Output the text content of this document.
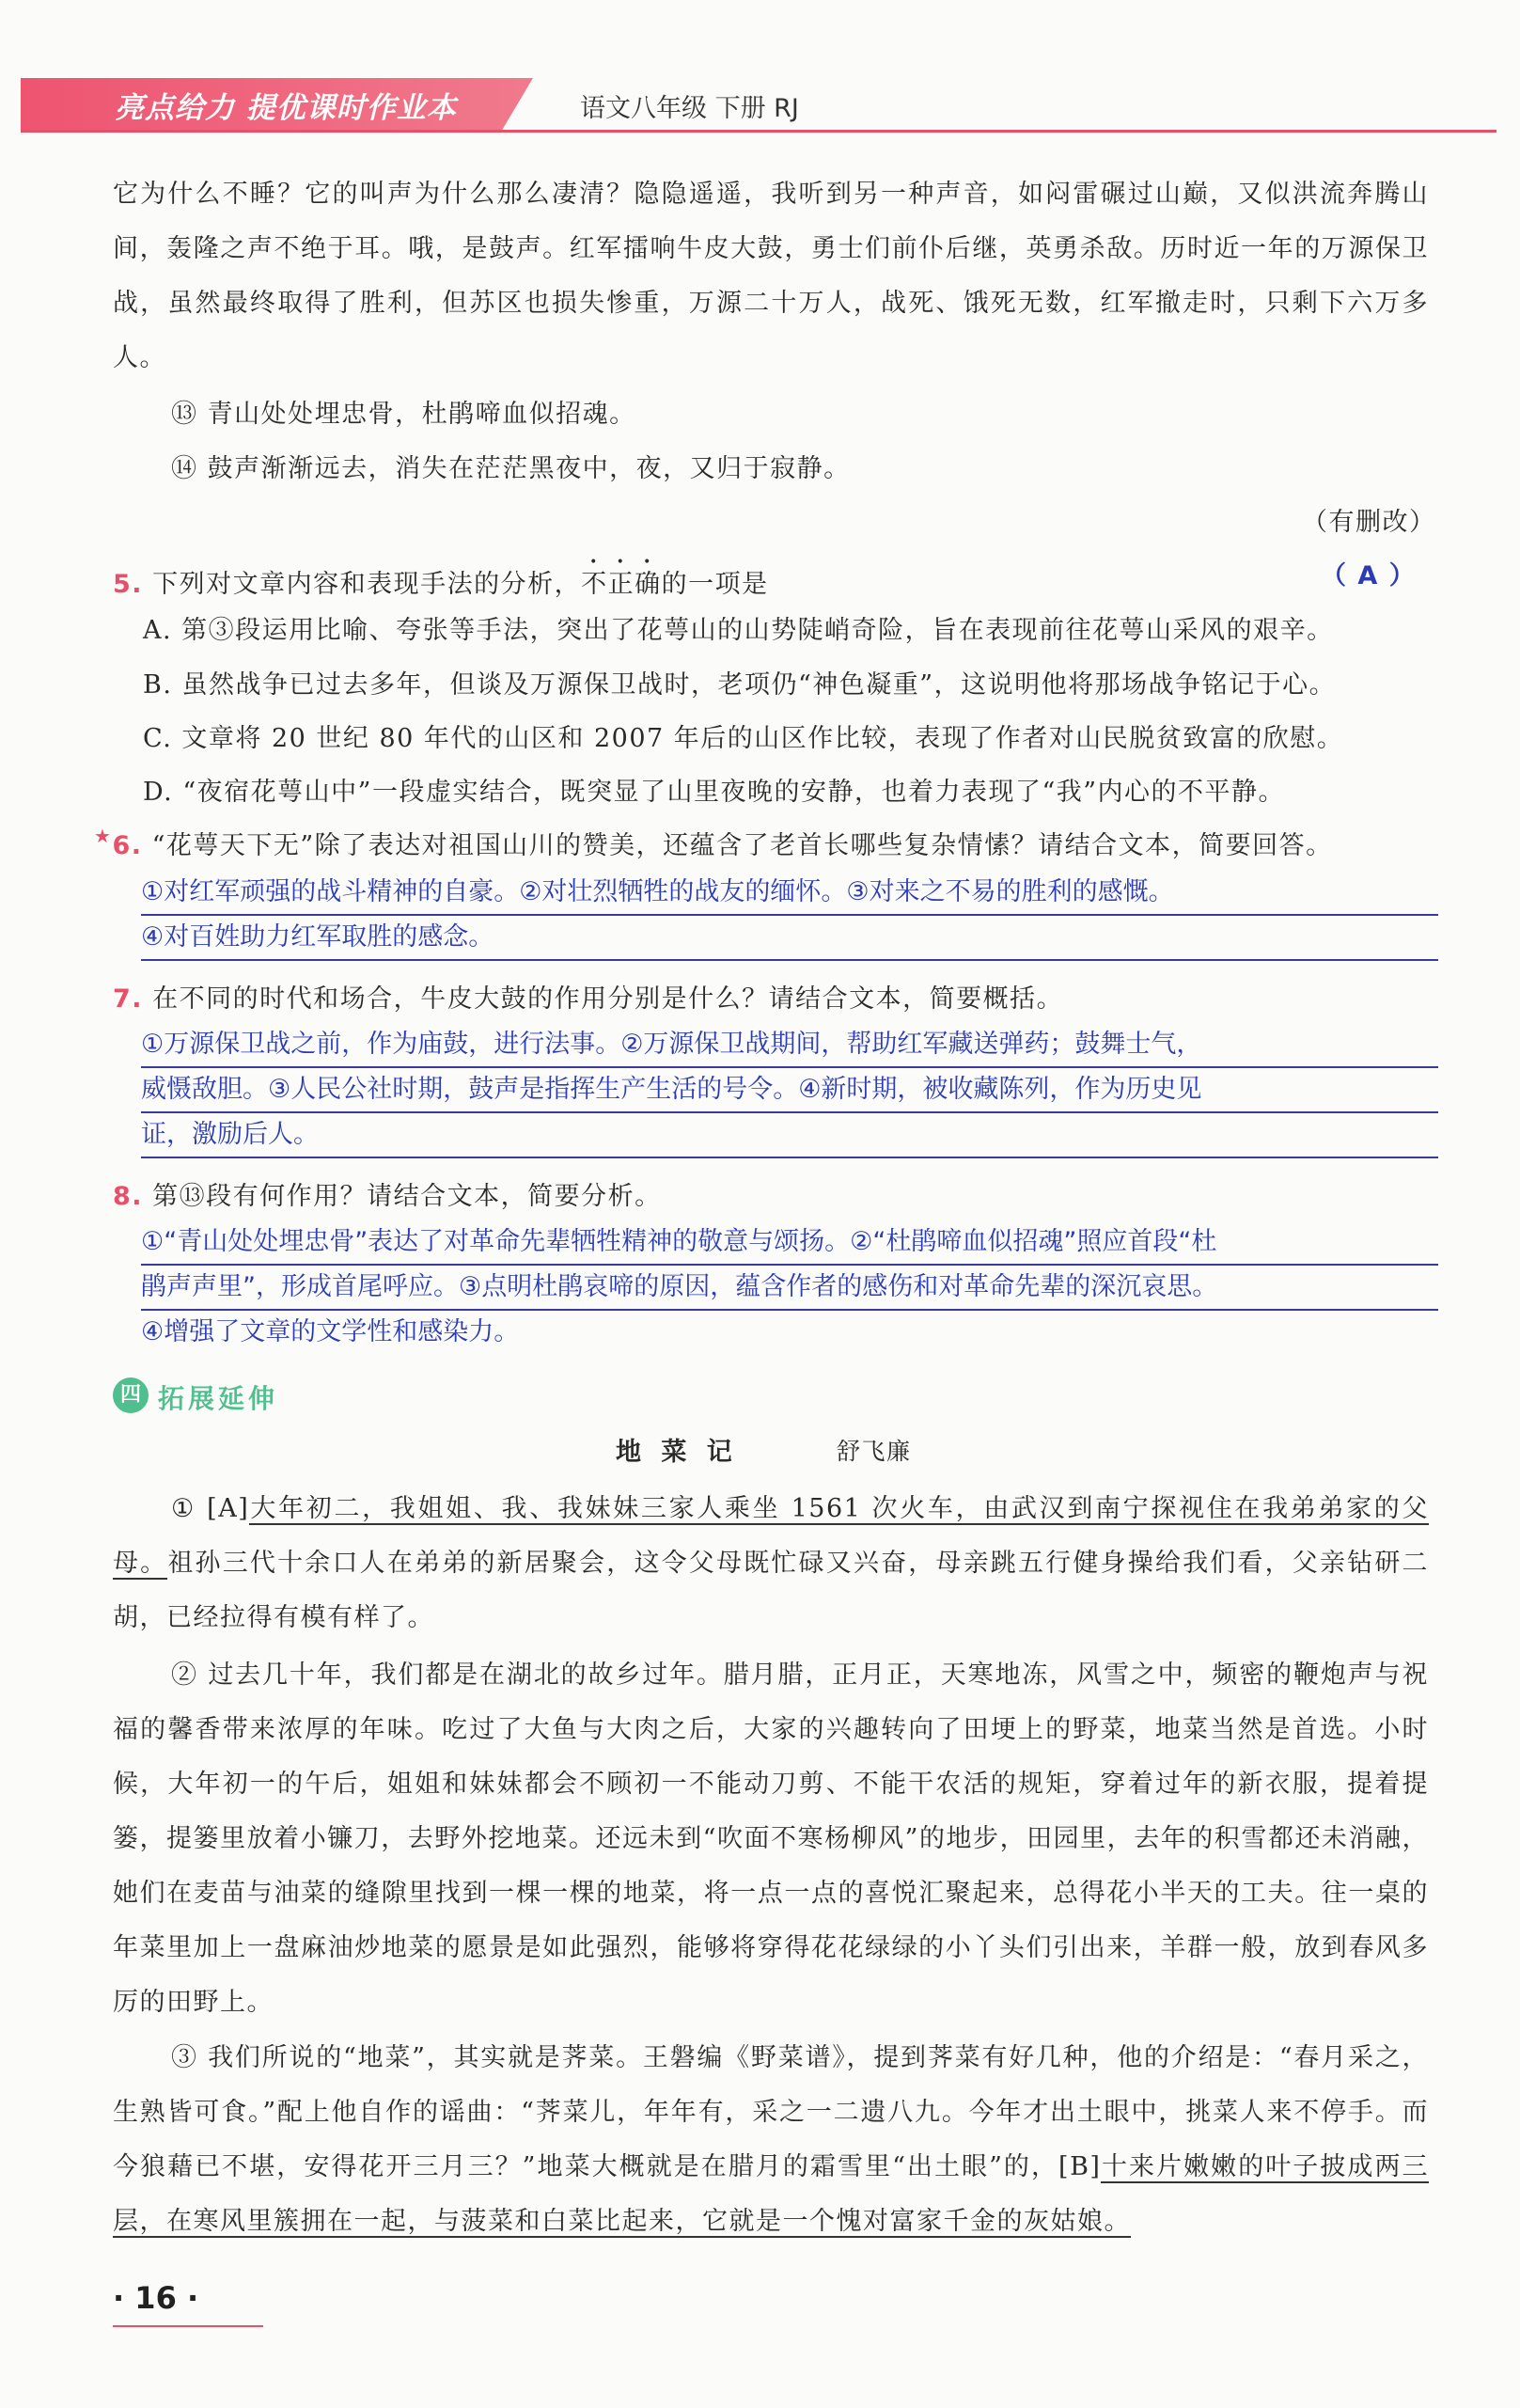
亮点给力 提优课时作业本	语文八年级 下册 RJ

它为什么不睡？它的叫声为什么那么凄清？隐隐遥遥，我听到另一种声音，如闷雷碾过山巅，又似洪流奔腾山间，轰隆之声不绝于耳。哦，是鼓声。红军擂响牛皮大鼓，勇士们前仆后继，英勇杀敌。历时近一年的万源保卫战，虽然最终取得了胜利，但苏区也损失惨重，万源二十万人，战死、饿死无数，红军撤走时，只剩下六万多人。

⑬ 青山处处埋忠骨，杜鹃啼血似招魂。
⑭ 鼓声渐渐远去，消失在茫茫黑夜中，夜，又归于寂静。
（有删改）
5. 下列对文章内容和表现手法的分析，不正确的一项是	（ A ）
A. 第③段运用比喻、夸张等手法，突出了花萼山的山势陡峭奇险，旨在表现前往花萼山采风的艰辛。
B. 虽然战争已过去多年，但谈及万源保卫战时，老项仍“神色凝重”，这说明他将那场战争铭记于心。
C. 文章将 20 世纪 80 年代的山区和 2007 年后的山区作比较，表现了作者对山民脱贫致富的欣慰。
D. “夜宿花萼山中”一段虚实结合，既突显了山里夜晚的安静，也着力表现了“我”内心的不平静。
★6. “花萼天下无”除了表达对祖国山川的赞美，还蕴含了老首长哪些复杂情愫？请结合文本，简要回答。
①对红军顽强的战斗精神的自豪。②对壮烈牺牲的战友的缅怀。③对来之不易的胜利的感慨。
④对百姓助力红军取胜的感念。
7. 在不同的时代和场合，牛皮大鼓的作用分别是什么？请结合文本，简要概括。
①万源保卫战之前，作为庙鼓，进行法事。②万源保卫战期间，帮助红军藏送弹药；鼓舞士气，
威慑敌胆。③人民公社时期，鼓声是指挥生产生活的号令。④新时期，被收藏陈列，作为历史见
证，激励后人。
8. 第⑬段有何作用？请结合文本，简要分析。
①“青山处处埋忠骨”表达了对革命先辈牺牲精神的敬意与颂扬。②“杜鹃啼血似招魂”照应首段“杜
鹃声声里”，形成首尾呼应。③点明杜鹃哀啼的原因，蕴含作者的感伤和对革命先辈的深沉哀思。
④增强了文章的文学性和感染力。
四 拓展延伸
地 菜 记	舒飞廉

① [A]大年初二，我姐姐、我、我妹妹三家人乘坐 1561 次火车，由武汉到南宁探视住在我弟弟家的父母。祖孙三代十余口人在弟弟的新居聚会，这令父母既忙碌又兴奋，母亲跳五行健身操给我们看，父亲钻研二胡，已经拉得有模有样了。

② 过去几十年，我们都是在湖北的故乡过年。腊月腊，正月正，天寒地冻，风雪之中，频密的鞭炮声与祝福的馨香带来浓厚的年味。吃过了大鱼与大肉之后，大家的兴趣转向了田埂上的野菜，地菜当然是首选。小时候，大年初一的午后，姐姐和妹妹都会不顾初一不能动刀剪、不能干农活的规矩，穿着过年的新衣服，提着提篓，提篓里放着小镰刀，去野外挖地菜。还远未到“吹面不寒杨柳风”的地步，田园里，去年的积雪都还未消融，她们在麦苗与油菜的缝隙里找到一棵一棵的地菜，将一点一点的喜悦汇聚起来，总得花小半天的工夫。往一桌的年菜里加上一盘麻油炒地菜的愿景是如此强烈，能够将穿得花花绿绿的小丫头们引出来，羊群一般，放到春风多厉的田野上。

③ 我们所说的“地菜”，其实就是荠菜。王磐编《野菜谱》，提到荠菜有好几种，他的介绍是：“春月采之，生熟皆可食。”配上他自作的谣曲：“荠菜儿，年年有，采之一二遗八九。今年才出土眼中，挑菜人来不停手。而今狼藉已不堪，安得花开三月三？”地菜大概就是在腊月的霜雪里“出土眼”的，[B]十来片嫩嫩的叶子披成两三层，在寒风里簇拥在一起，与菠菜和白菜比起来，它就是一个愧对富家千金的灰姑娘。

· 16 ·
